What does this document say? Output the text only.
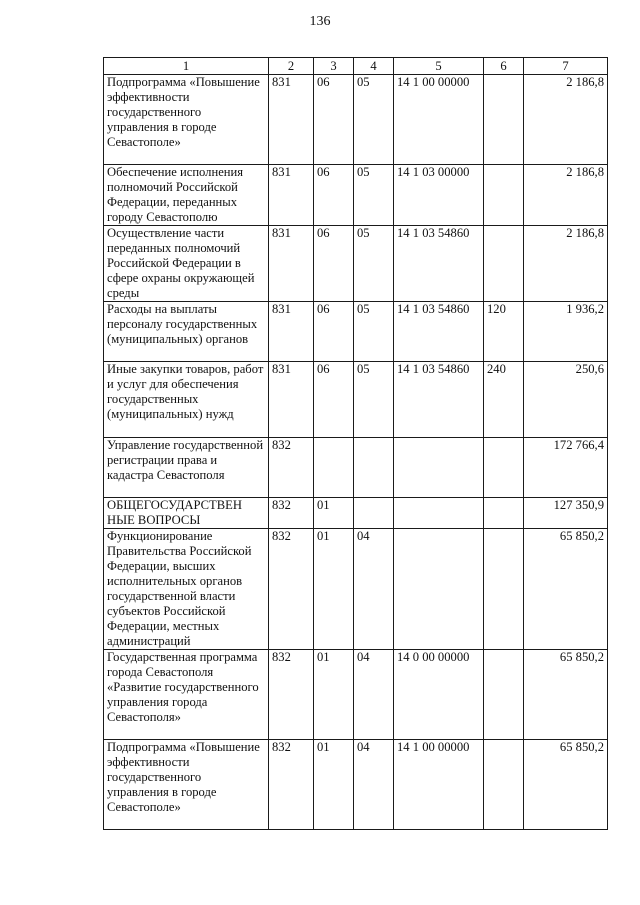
136
1	2	3	4	5	6	7
Подпрограмма «Повышение эффективности государственного управления в городе Севастополе»	831	06	05	14 1 00 00000		2 186,8
Обеспечение исполнения полномочий Российской Федерации, переданных городу Севастополю	831	06	05	14 1 03 00000		2 186,8
Осуществление части переданных полномочий Российской Федерации в сфере охраны окружающей среды	831	06	05	14 1 03 54860		2 186,8
Расходы на выплаты персоналу государственных (муниципальных) органов	831	06	05	14 1 03 54860	120	1 936,2
Иные закупки товаров, работ и услуг для обеспечения государственных (муниципальных) нужд	831	06	05	14 1 03 54860	240	250,6
Управление государственной регистрации права и кадастра Севастополя	832					172 766,4
ОБЩЕГОСУДАРСТВЕН НЫЕ ВОПРОСЫ	832	01				127 350,9
Функционирование Правительства Российской Федерации, высших исполнительных органов государственной власти субъектов Российской Федерации, местных администраций	832	01	04			65 850,2
Государственная программа города Севастополя «Развитие государственного управления города Севастополя»	832	01	04	14 0 00 00000		65 850,2
Подпрограмма «Повышение эффективности государственного управления в городе Севастополе»	832	01	04	14 1 00 00000		65 850,2
